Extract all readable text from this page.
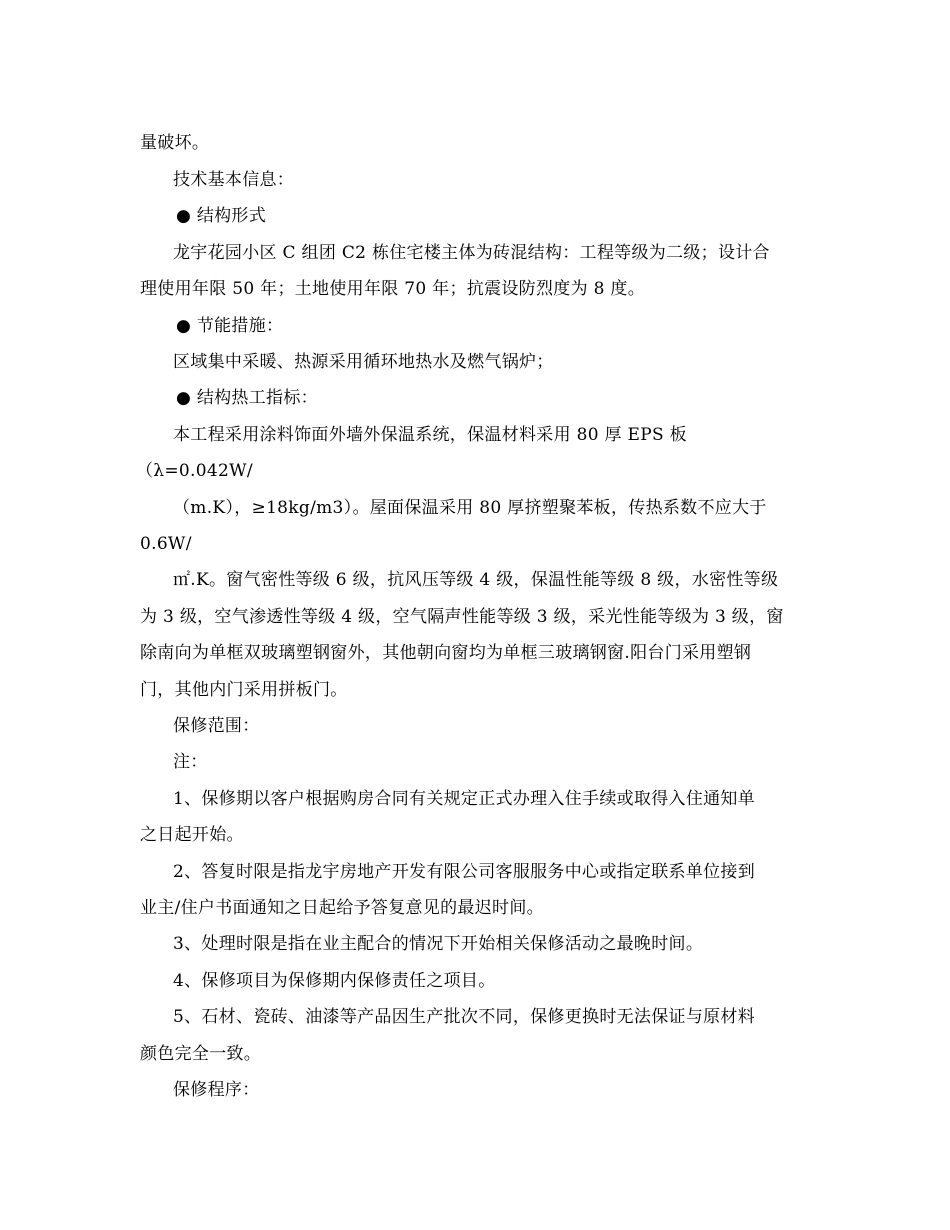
量破坏。
技术基本信息：
● 结构形式
龙宇花园小区 C 组团 C2 栋住宅楼主体为砖混结构：工程等级为二级；设计合
理使用年限 50 年；土地使用年限 70 年；抗震设防烈度为 8 度。
● 节能措施：
区域集中采暖、热源采用循环地热水及燃气锅炉；
● 结构热工指标：
本工程采用涂料饰面外墙外保温系统，保温材料采用 80 厚 EPS 板
（λ=0.042W/
（m.K），≥18kg/m3）。屋面保温采用 80 厚挤塑聚苯板，传热系数不应大于
0.6W/
㎡.K。窗气密性等级 6 级，抗风压等级 4 级，保温性能等级 8 级，水密性等级
为 3 级，空气渗透性等级 4 级，空气隔声性能等级 3 级，采光性能等级为 3 级，窗
除南向为单框双玻璃塑钢窗外，其他朝向窗均为单框三玻璃钢窗.阳台门采用塑钢
门，其他内门采用拼板门。
保修范围：
注：
1、保修期以客户根据购房合同有关规定正式办理入住手续或取得入住通知单
之日起开始。
2、答复时限是指龙宇房地产开发有限公司客服服务中心或指定联系单位接到
业主/住户书面通知之日起给予答复意见的最迟时间。
3、处理时限是指在业主配合的情况下开始相关保修活动之最晚时间。
4、保修项目为保修期内保修责任之项目。
5、石材、瓷砖、油漆等产品因生产批次不同，保修更换时无法保证与原材料
颜色完全一致。
保修程序：
